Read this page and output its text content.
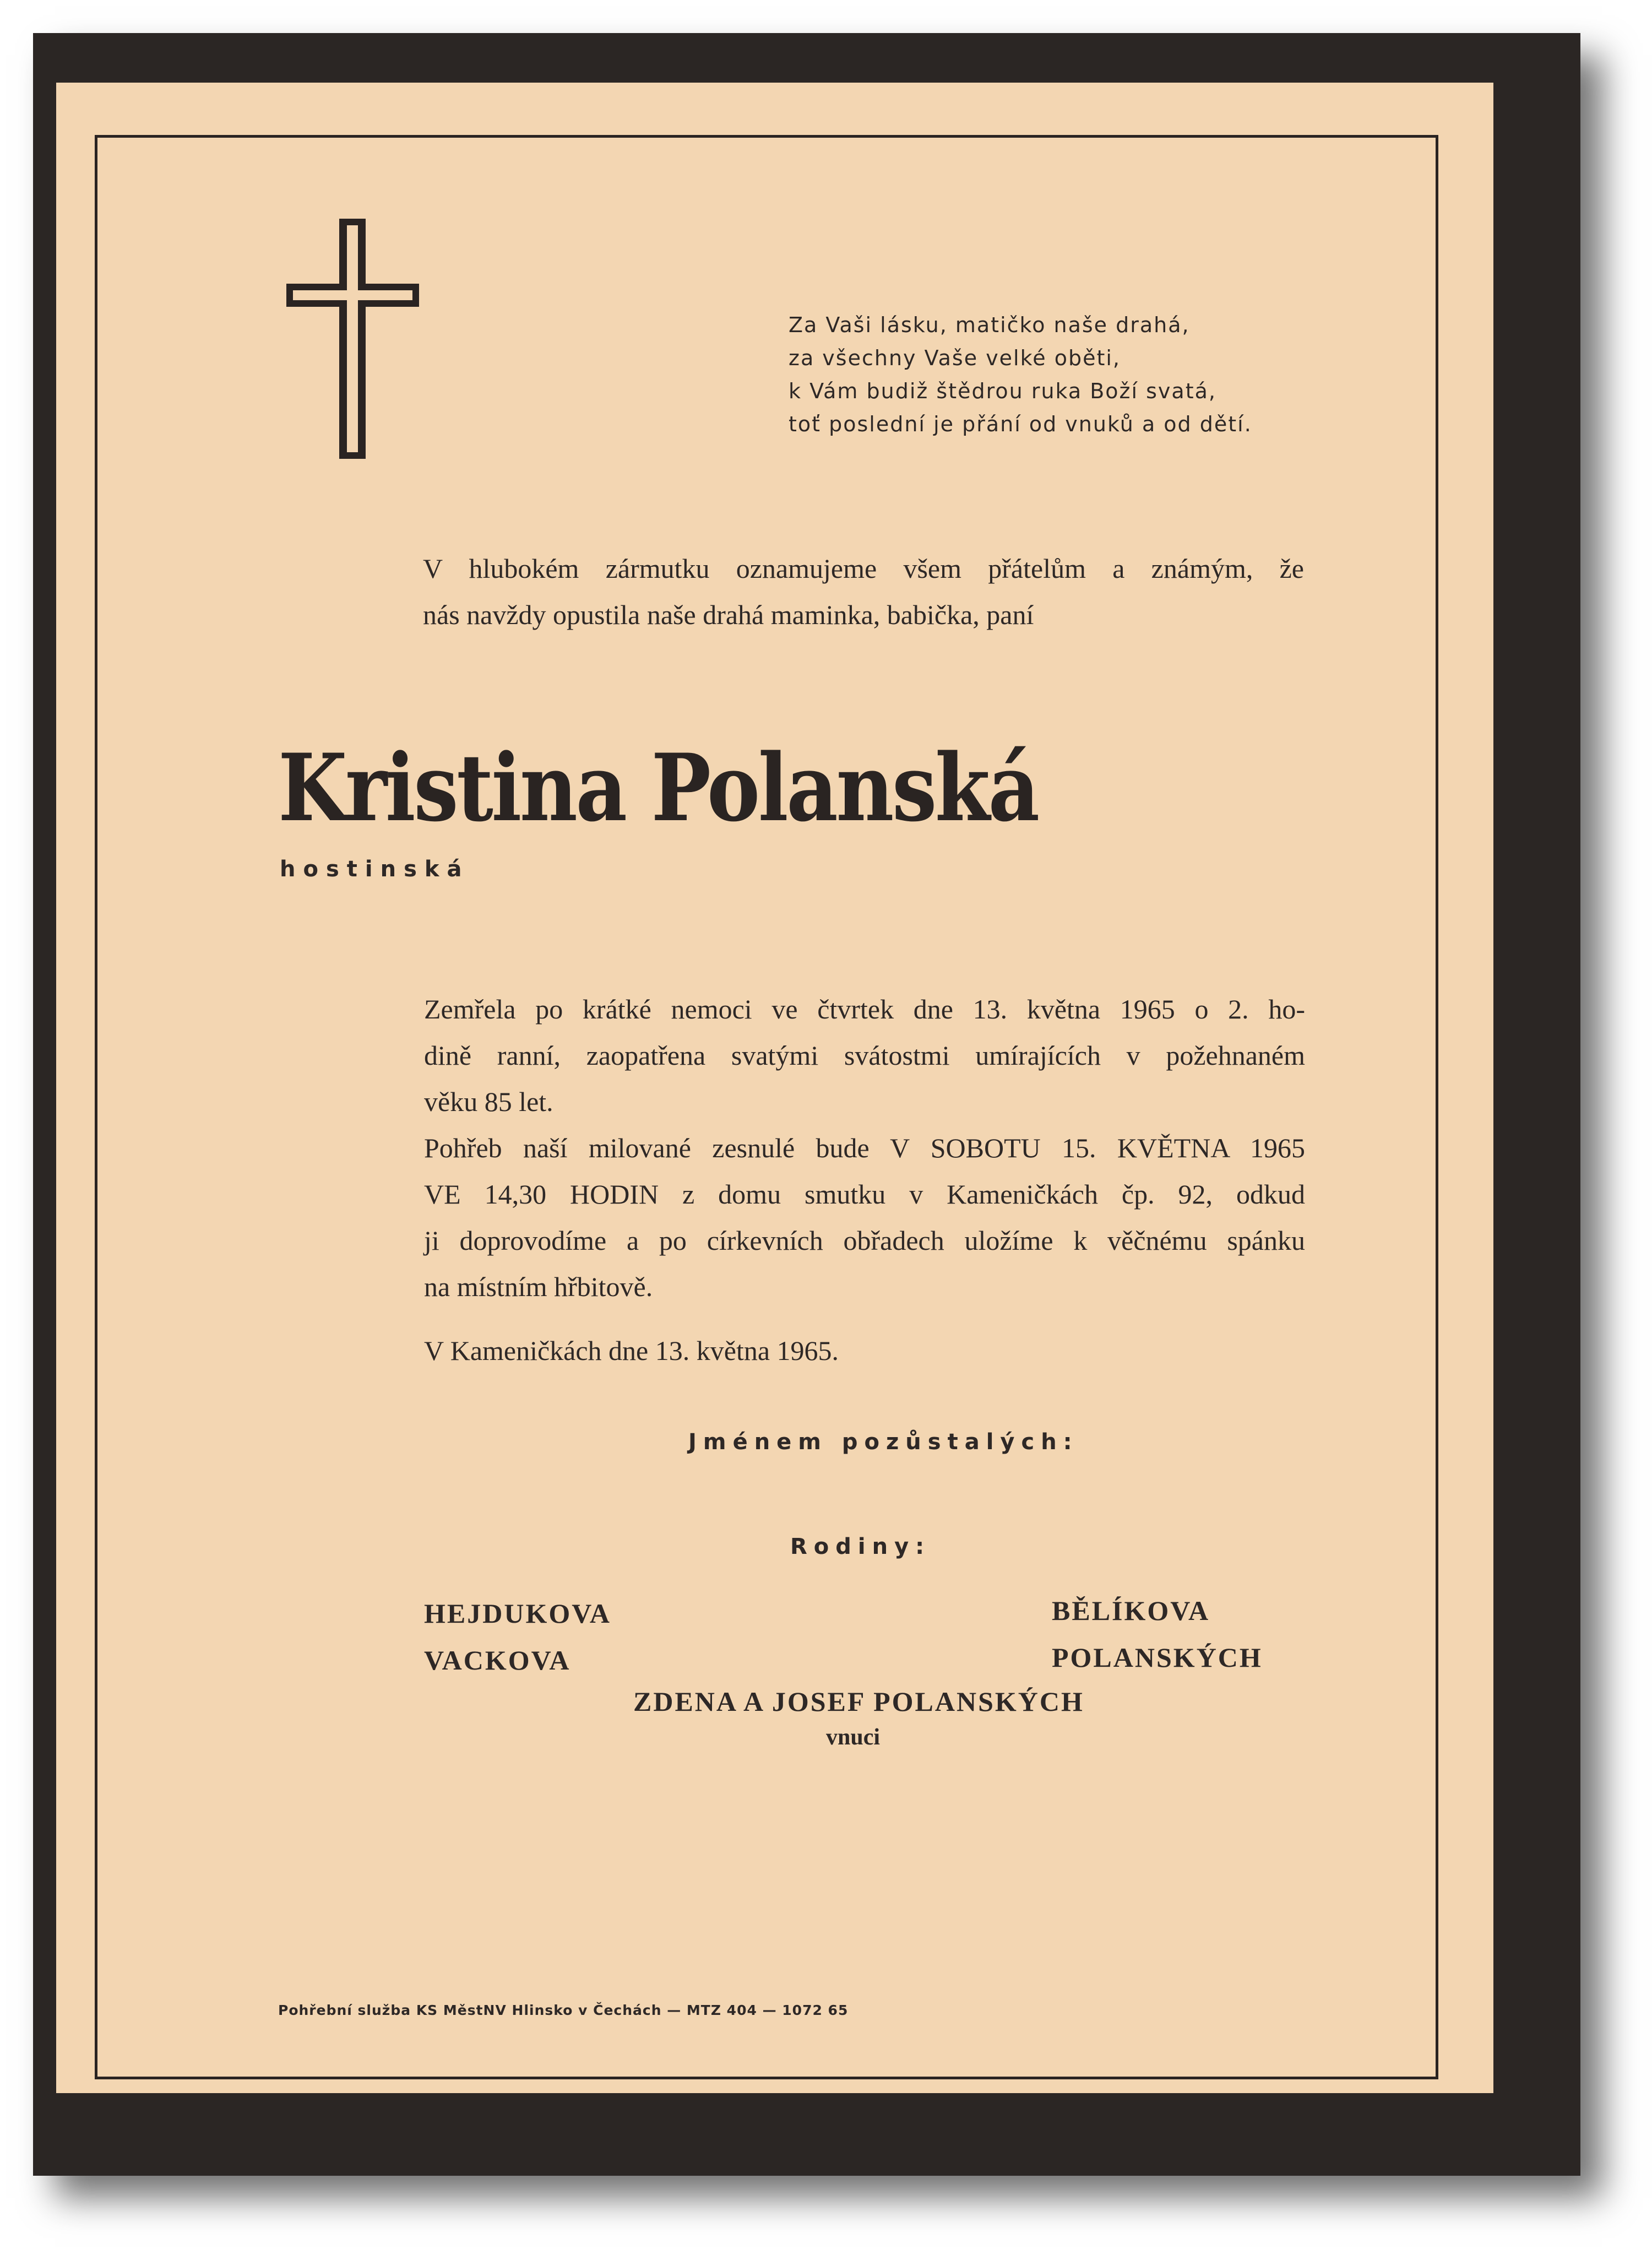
Za Vaši lásku, matičko naše drahá,
za všechny Vaše velké oběti,
k Vám budiž štědrou ruka Boží svatá,
toť poslední je přání od vnuků a od dětí.
V hlubokém zármutku oznamujeme všem přátelům a známým, že
nás navždy opustila naše drahá maminka, babička, paní
Kristina Polanská
hostinská
Zemřela po krátké nemoci ve čtvrtek dne 13. května 1965 o 2. ho-
dině ranní, zaopatřena svatými svátostmi umírajících v požehnaném
věku 85 let.
Pohřeb naší milované zesnulé bude V SOBOTU 15. KVĚTNA 1965
VE 14,30 HODIN z domu smutku v Kameničkách čp. 92, odkud
ji doprovodíme a po církevních obřadech uložíme k věčnému spánku
na místním hřbitově.
V Kameničkách dne 13. května 1965.
Jménem pozůstalých:
Rodiny:
HEJDUKOVA
VACKOVA
BĚLÍKOVA
POLANSKÝCH
ZDENA A JOSEF POLANSKÝCH
vnuci
Pohřební služba KS MěstNV Hlinsko v Čechách — MTZ 404 — 1072 65
